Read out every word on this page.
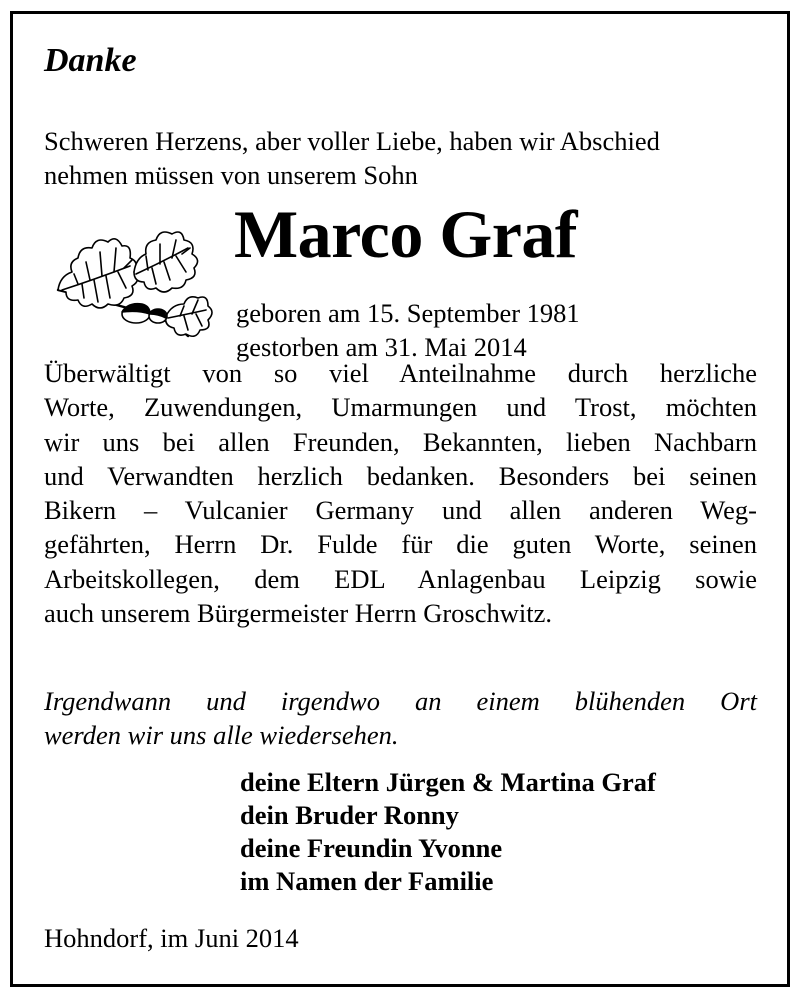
Danke
Schweren Herzens, aber voller Liebe, haben wir Abschied
nehmen müssen von unserem Sohn
Marco Graf
geboren am 15. September 1981
gestorben am 31. Mai 2014
Überwältigt von so viel Anteilnahme durch herzliche
Worte, Zuwendungen, Umarmungen und Trost, möchten
wir uns bei allen Freunden, Bekannten, lieben Nachbarn
und Verwandten herzlich bedanken. Besonders bei seinen
Bikern – Vulcanier Germany und allen anderen Weg-
gefährten, Herrn Dr. Fulde für die guten Worte, seinen
Arbeitskollegen, dem EDL Anlagenbau Leipzig sowie
auch unserem Bürgermeister Herrn Groschwitz.
Irgendwann und irgendwo an einem blühenden Ort
werden wir uns alle wiedersehen.
deine Eltern Jürgen & Martina Graf
dein Bruder Ronny
deine Freundin Yvonne
im Namen der Familie
Hohndorf, im Juni 2014
